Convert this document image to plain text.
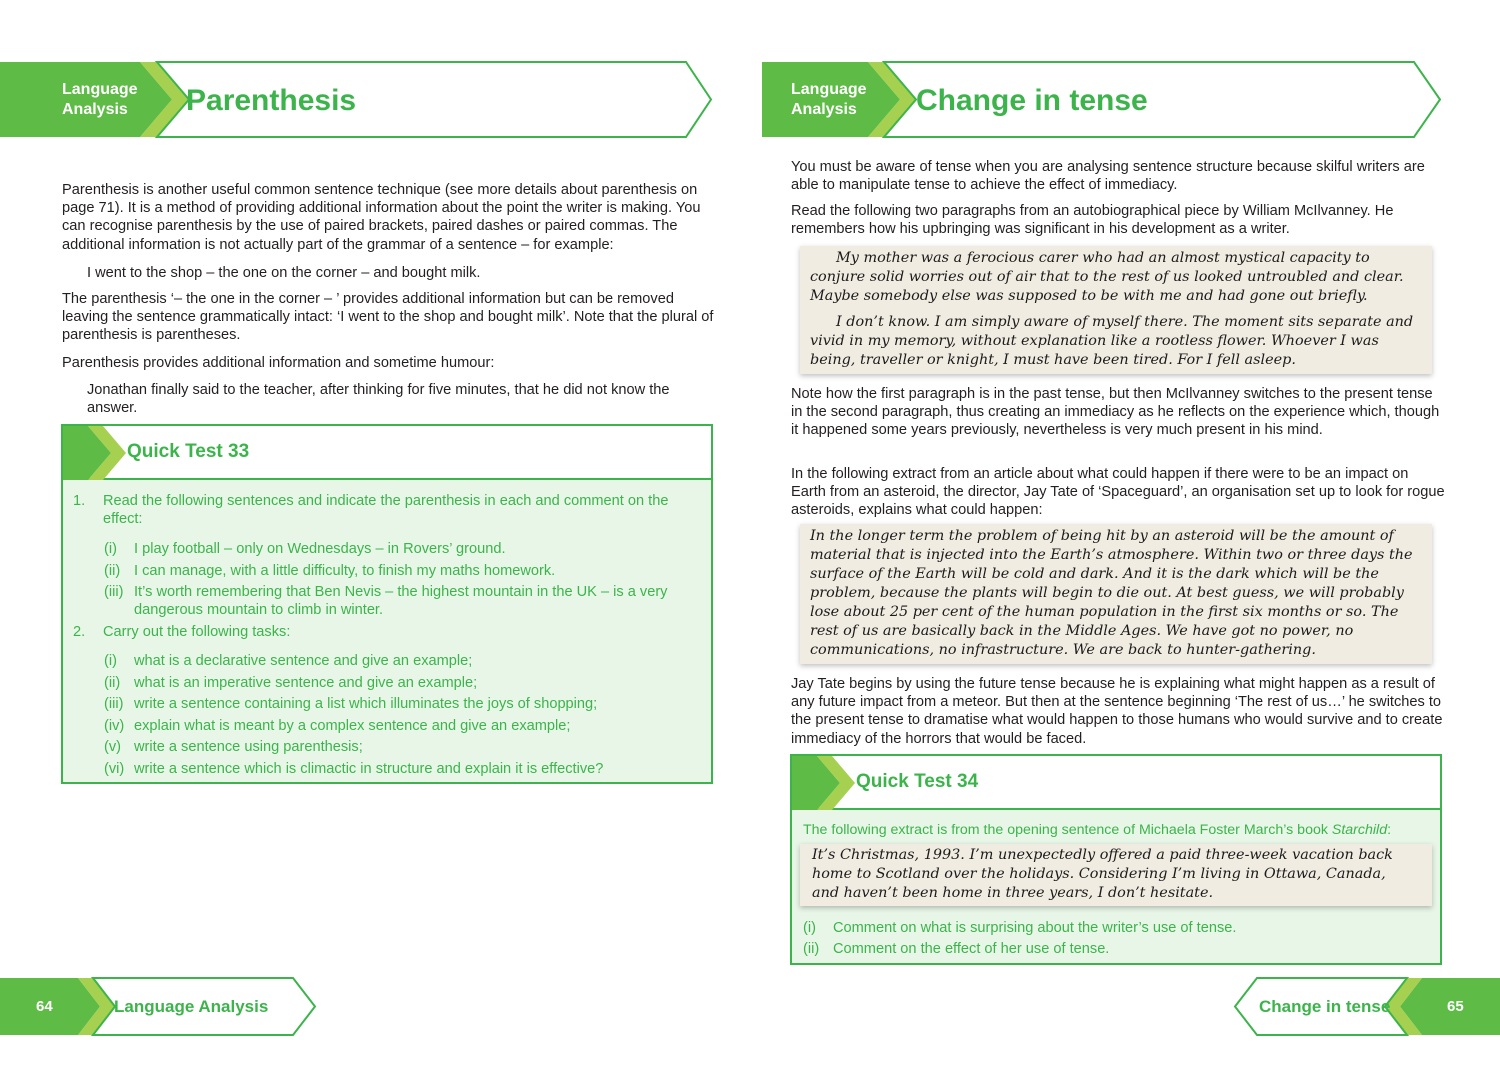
Language Analysis	Parenthesis
Parenthesis is another useful common sentence technique (see more details about parenthesis on page 71). It is a method of providing additional information about the point the writer is making. You can recognise parenthesis by the use of paired brackets, paired dashes or paired commas. The additional information is not actually part of the grammar of a sentence – for example:
I went to the shop – the one on the corner – and bought milk.
The parenthesis ‘– the one in the corner – ’ provides additional information but can be removed leaving the sentence grammatically intact: ‘I went to the shop and bought milk’. Note that the plural of parenthesis is parentheses.
Parenthesis provides additional information and sometime humour:
Jonathan finally said to the teacher, after thinking for five minutes, that he did not know the answer.
Quick Test 33
1.	Read the following sentences and indicate the parenthesis in each and comment on the effect:
(i)	I play football – only on Wednesdays – in Rovers’ ground.
(ii) I can manage, with a little difficulty, to finish my maths homework.
(iii) It’s worth remembering that Ben Nevis – the highest mountain in the UK – is a very dangerous mountain to climb in winter.
2.	Carry out the following tasks:
(i)	what is a declarative sentence and give an example;
(ii) what is an imperative sentence and give an example;
(iii) write a sentence containing a list which illuminates the joys of shopping;
(iv) explain what is meant by a complex sentence and give an example;
(v) write a sentence using parenthesis;
(vi) write a sentence which is climactic in structure and explain it is effective?
64	Language Analysis
Language Analysis	Change in tense
You must be aware of tense when you are analysing sentence structure because skilful writers are able to manipulate tense to achieve the effect of immediacy.
Read the following two paragraphs from an autobiographical piece by William McIlvanney. He remembers how his upbringing was significant in his development as a writer.
My mother was a ferocious carer who had an almost mystical capacity to conjure solid worries out of air that to the rest of us looked untroubled and clear. Maybe somebody else was supposed to be with me and had gone out briefly.
I don’t know. I am simply aware of myself there. The moment sits separate and vivid in my memory, without explanation like a rootless flower. Whoever I was being, traveller or knight, I must have been tired. For I fell asleep.
Note how the first paragraph is in the past tense, but then McIlvanney switches to the present tense in the second paragraph, thus creating an immediacy as he reflects on the experience which, though it happened some years previously, nevertheless is very much present in his mind.
In the following extract from an article about what could happen if there were to be an impact on Earth from an asteroid, the director, Jay Tate of ‘Spaceguard’, an organisation set up to look for rogue asteroids, explains what could happen:
In the longer term the problem of being hit by an asteroid will be the amount of material that is injected into the Earth’s atmosphere. Within two or three days the surface of the Earth will be cold and dark. And it is the dark which will be the problem, because the plants will begin to die out. At best guess, we will probably lose about 25 per cent of the human population in the first six months or so. The rest of us are basically back in the Middle Ages. We have got no power, no communications, no infrastructure. We are back to hunter-gathering.
Jay Tate begins by using the future tense because he is explaining what might happen as a result of any future impact from a meteor. But then at the sentence beginning ‘The rest of us…’ he switches to the present tense to dramatise what would happen to those humans who would survive and to create immediacy of the horrors that would be faced.
Quick Test 34
The following extract is from the opening sentence of Michaela Foster March’s book Starchild:
It’s Christmas, 1993. I’m unexpectedly offered a paid three-week vacation back home to Scotland over the holidays. Considering I’m living in Ottawa, Canada, and haven’t been home in three years, I don’t hesitate.
(i)	Comment on what is surprising about the writer’s use of tense.
(ii) Comment on the effect of her use of tense.
Change in tense	65
